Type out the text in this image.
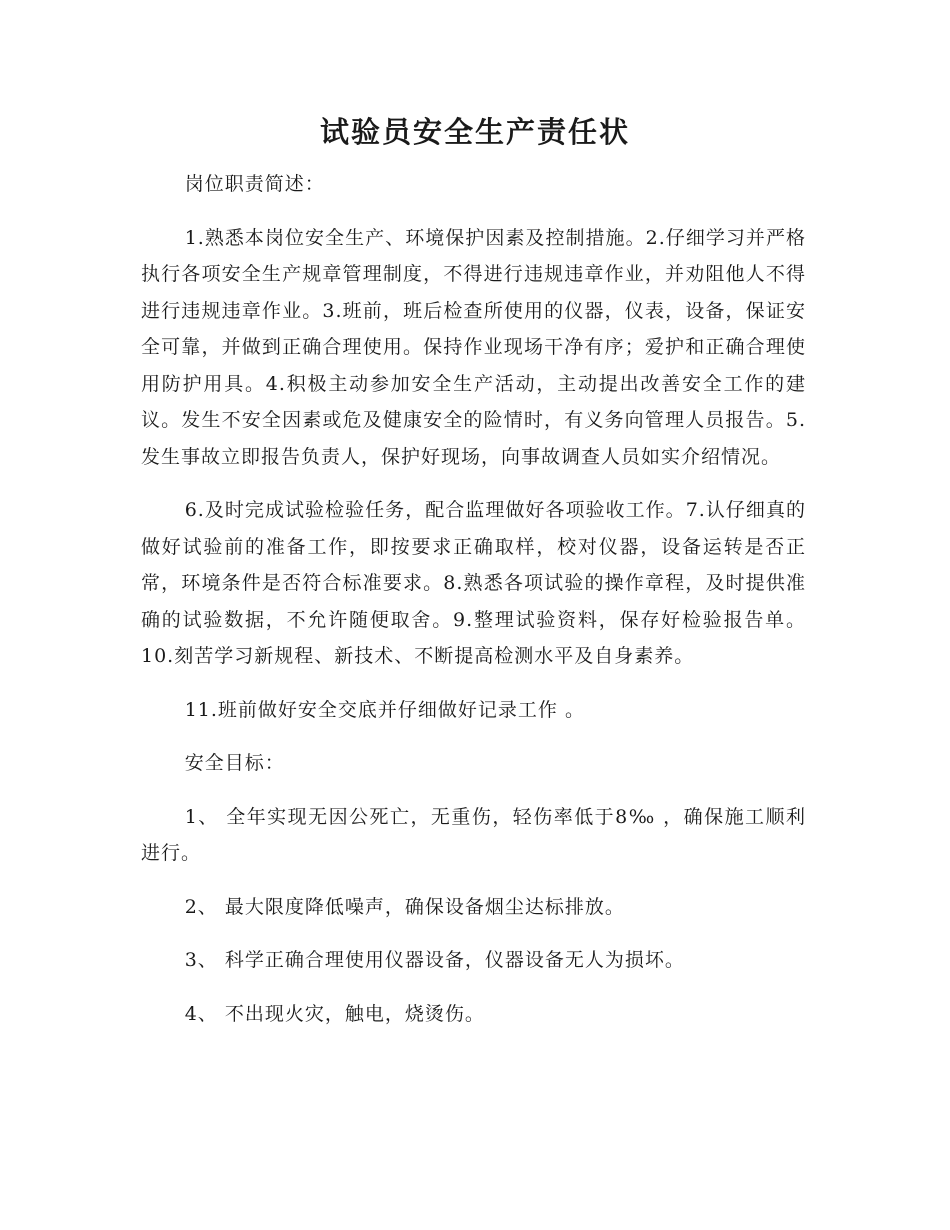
试验员安全生产责任状

岗位职责简述：

1.熟悉本岗位安全生产、环境保护因素及控制措施。2.仔细学习并严格执行各项安全生产规章管理制度，不得进行违规违章作业，并劝阻他人不得进行违规违章作业。3.班前，班后检查所使用的仪器，仪表，设备，保证安全可靠，并做到正确合理使用。保持作业现场干净有序；爱护和正确合理使用防护用具。4.积极主动参加安全生产活动，主动提出改善安全工作的建议。发生不安全因素或危及健康安全的险情时，有义务向管理人员报告。5.发生事故立即报告负责人，保护好现场，向事故调查人员如实介绍情况。

6.及时完成试验检验任务，配合监理做好各项验收工作。7.认仔细真的做好试验前的准备工作，即按要求正确取样，校对仪器，设备运转是否正常，环境条件是否符合标准要求。8.熟悉各项试验的操作章程，及时提供准确的试验数据，不允许随便取舍。9.整理试验资料，保存好检验报告单。10.刻苦学习新规程、新技术、不断提高检测水平及自身素养。

11.班前做好安全交底并仔细做好记录工作 。

安全目标：

1、 全年实现无因公死亡，无重伤，轻伤率低于8‰ ，确保施工顺利进行。

2、 最大限度降低噪声，确保设备烟尘达标排放。

3、 科学正确合理使用仪器设备，仪器设备无人为损坏。

4、 不出现火灾，触电，烧烫伤。
